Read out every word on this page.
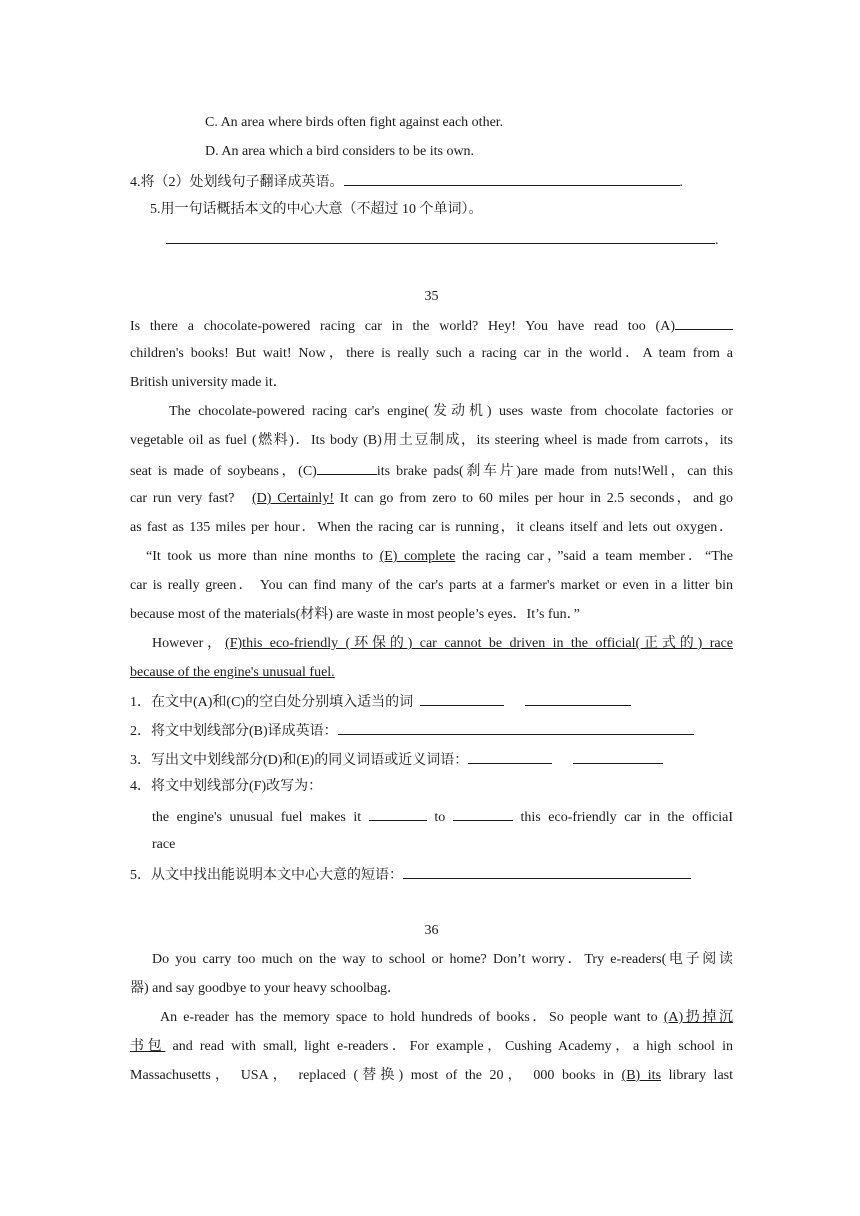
C. An area where birds often fight against each other.
D. An area which a bird considers to be its own.
4.将（2）处划线句子翻译成英语。	.
5.用一句话概括本文的中心大意（不超过 10 个单词）。
.
35
Is there a chocolate-powered racing car in the world? Hey! You have read too (A)
children's books! But wait! Now，there is really such a racing car in the world．A team from a
British university made it．
The chocolate-powered racing car's engine(发动机) uses waste from chocolate factories or
vegetable oil as fuel (燃料)．Its body (B)用土豆制成，its steering wheel is made from carrots，its
seat is made of soybeans，(C)	its brake pads(刹车片)are made from nuts!Well，can this
car run very fast? (D) Certainly! It can go from zero to 60 miles per hour in 2.5 seconds，and go
as fast as 135 miles per hour．When the racing car is running，it cleans itself and lets out oxygen．
“It took us more than nine months to (E) complete the racing car，”said a team member．“The
car is really green． You can find many of the car's parts at a farmer's market or even in a litter bin
because most of the materials(材料) are waste in most people’s eyes．It’s fun．”
However，(F)this eco-friendly (环保的) car cannot be driven in the official(正式的) race
because of the engine's unusual fuel.
1．在文中(A)和(C)的空白处分别填入适当的词
2．将文中划线部分(B)译成英语：
3．写出文中划线部分(D)和(E)的同义词语或近义词语：
4．将文中划线部分(F)改写为：
the engine's unusual fuel makes it	to	this eco-friendly car in the officiaI
race
5．从文中找出能说明本文中心大意的短语：
36
Do you carry too much on the way to school or home? Don’t worry．Try e-readers(电子阅读
器) and say goodbye to your heavy schoolbag．
An e-reader has the memory space to hold hundreds of books．So people want to (A)扔掉沉
书包 and read with small, light e-readers．For example，Cushing Academy，a high school in
Massachusetts， USA， replaced (替换) most of the 20， 000 books in (B) its library last
